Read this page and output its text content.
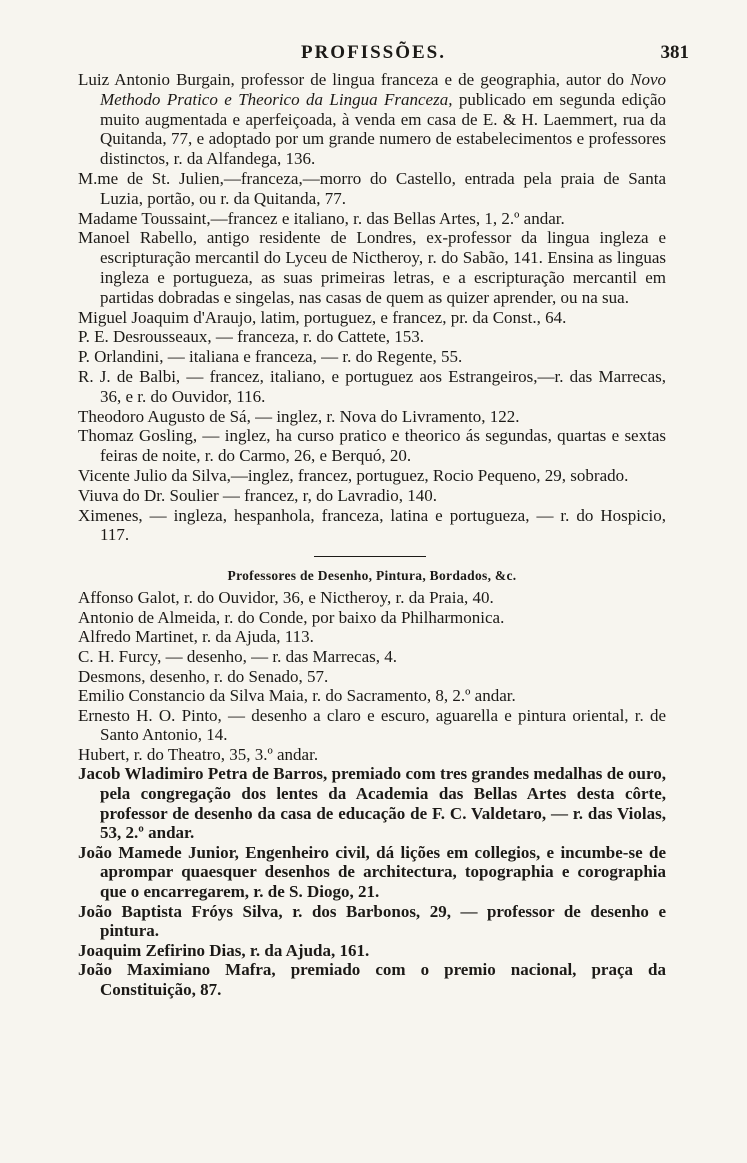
PROFISSÕES.	381
Luiz Antonio Burgain, professor de lingua franceza e de geographia, autor do Novo Methodo Pratico e Theorico da Lingua Franceza, publicado em segunda edição muito augmentada e aperfeiçoada, à venda em casa de E. & H. Laemmert, rua da Quitanda, 77, e adoptado por um grande numero de estabelecimentos e professores distinctos, r. da Alfandega, 136.
M.me de St. Julien,—franceza,—morro do Castello, entrada pela praia de Santa Luzia, portão, ou r. da Quitanda, 77.
Madame Toussaint,—francez e italiano, r. das Bellas Artes, 1, 2.º andar.
Manoel Rabello, antigo residente de Londres, ex-professor da lingua ingleza e escripturação mercantil do Lyceu de Nictheroy, r. do Sabão, 141. Ensina as linguas ingleza e portugueza, as suas primeiras letras, e a escripturação mercantil em partidas dobradas e singelas, nas casas de quem as quizer aprender, ou na sua.
Miguel Joaquim d'Araujo, latim, portuguez, e francez, pr. da Const., 64.
P. E. Desrousseaux, — franceza, r. do Cattete, 153.
P. Orlandini, — italiana e franceza, — r. do Regente, 55.
R. J. de Balbi, — francez, italiano, e portuguez aos Estrangeiros,—r. das Marrecas, 36, e r. do Ouvidor, 116.
Theodoro Augusto de Sá, — inglez, r. Nova do Livramento, 122.
Thomaz Gosling, — inglez, ha curso pratico e theorico ás segundas, quartas e sextas feiras de noite, r. do Carmo, 26, e Berquó, 20.
Vicente Julio da Silva,—inglez, francez, portuguez, Rocio Pequeno, 29, sobrado.
Viuva do Dr. Soulier — francez, r, do Lavradio, 140.
Ximenes, — ingleza, hespanhola, franceza, latina e portugueza, — r. do Hospicio, 117.
Professores de Desenho, Pintura, Bordados, &c.
Affonso Galot, r. do Ouvidor, 36, e Nictheroy, r. da Praia, 40.
Antonio de Almeida, r. do Conde, por baixo da Philharmonica.
Alfredo Martinet, r. da Ajuda, 113.
C. H. Furcy, — desenho, — r. das Marrecas, 4.
Desmons, desenho, r. do Senado, 57.
Emilio Constancio da Silva Maia, r. do Sacramento, 8, 2.º andar.
Ernesto H. O. Pinto, — desenho a claro e escuro, aguarella e pintura oriental, r. de Santo Antonio, 14.
Hubert, r. do Theatro, 35, 3.º andar.
Jacob Wladimiro Petra de Barros, premiado com tres grandes medalhas de ouro, pela congregação dos lentes da Academia das Bellas Artes desta côrte, professor de desenho da casa de educação de F. C. Valdetaro, — r. das Violas, 53, 2.º andar.
João Mamede Junior, Engenheiro civil, dá lições em collegios, e incumbe-se de aprompar quaesquer desenhos de architectura, topographia e corographia que o encarregarem, r. de S. Diogo, 21.
João Baptista Fróys Silva, r. dos Barbonos, 29, — professor de desenho e pintura.
Joaquim Zefirino Dias, r. da Ajuda, 161.
João Maximiano Mafra, premiado com o premio nacional, praça da Constituição, 87.
